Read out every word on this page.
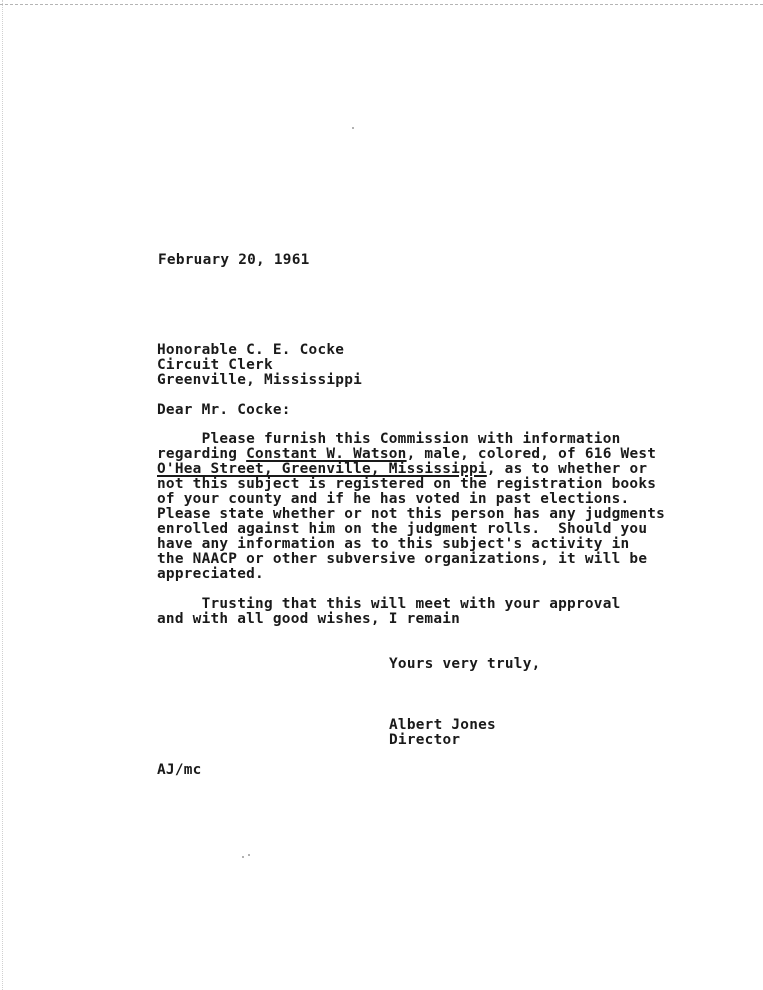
February 20, 1961
Honorable C. E. Cocke
Circuit Clerk
Greenville, Mississippi
Dear Mr. Cocke:
Please furnish this Commission with information
regarding Constant W. Watson, male, colored, of 616 West
O'Hea Street, Greenville, Mississippi, as to whether or
not this subject is registered on the registration books
of your county and if he has voted in past elections.
Please state whether or not this person has any judgments
enrolled against him on the judgment rolls.  Should you
have any information as to this subject's activity in
the NAACP or other subversive organizations, it will be
appreciated.
Trusting that this will meet with your approval
and with all good wishes, I remain
Yours very truly,
Albert Jones
Director
AJ/mc
